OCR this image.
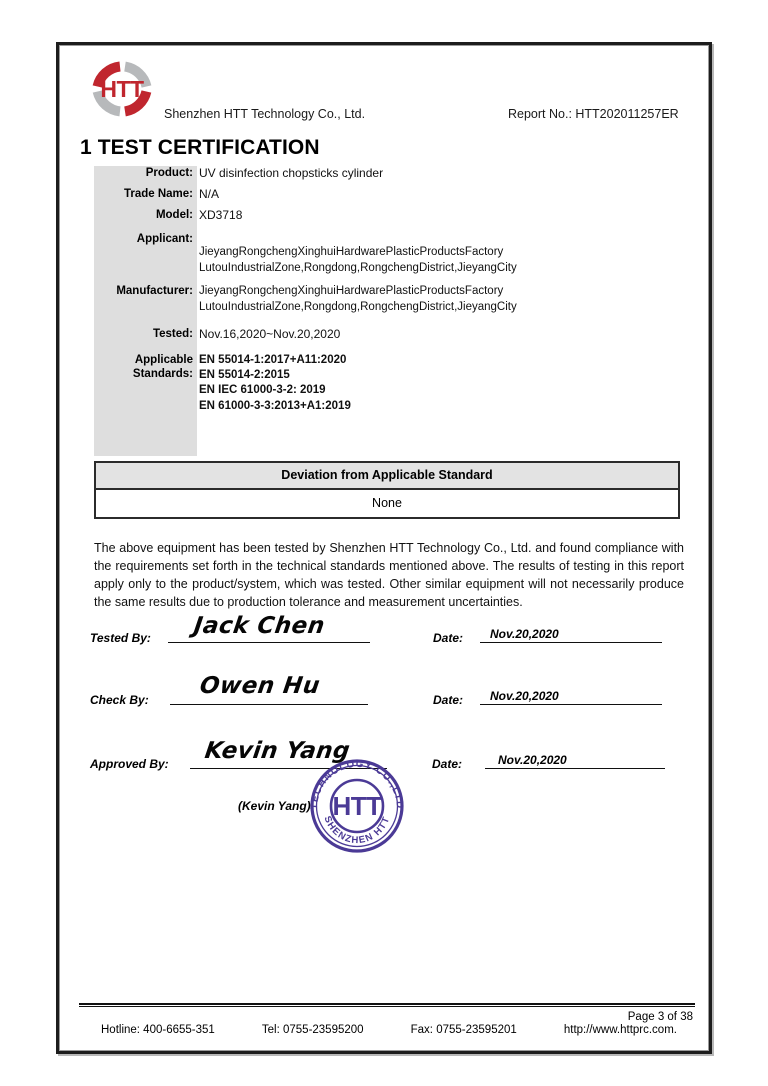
HTT
Shenzhen HTT Technology Co., Ltd.	Report No.: HTT202011257ER
1 TEST CERTIFICATION
Product: UV disinfection chopsticks cylinder
Trade Name: N/A
Model: XD3718
Applicant:
JieyangRongchengXinghuiHardwarePlasticProductsFactory
LutouIndustrialZone,Rongdong,RongchengDistrict,JieyangCity
Manufacturer: JieyangRongchengXinghuiHardwarePlasticProductsFactory
LutouIndustrialZone,Rongdong,RongchengDistrict,JieyangCity
Tested: Nov.16,2020~Nov.20,2020
Applicable
Standards:
EN 55014-1:2017+A11:2020
EN 55014-2:2015
EN IEC 61000-3-2: 2019
EN 61000-3-3:2013+A1:2019
Deviation from Applicable Standard
None
The above equipment has been tested by Shenzhen HTT Technology Co., Ltd. and found compliance with the requirements set forth in the technical standards mentioned above. The results of testing in this report apply only to the product/system, which was tested. Other similar equipment will not necessarily produce the same results due to production tolerance and measurement uncertainties.
Tested By: Jack Chen	Date: Nov.20,2020
Check By:
Owen Hu
Date: Nov.20,2020
Approved By: Kevin Yang
(Kevin Yang)
Date:	Nov.20,2020
TECHNOLOGY CO.,LTD
SHENZHEN HTT
HTT
Page 3 of 38
Hotline: 400-6655-351	Tel: 0755-23595200	Fax: 0755-23595201	http://www.httprc.com.
